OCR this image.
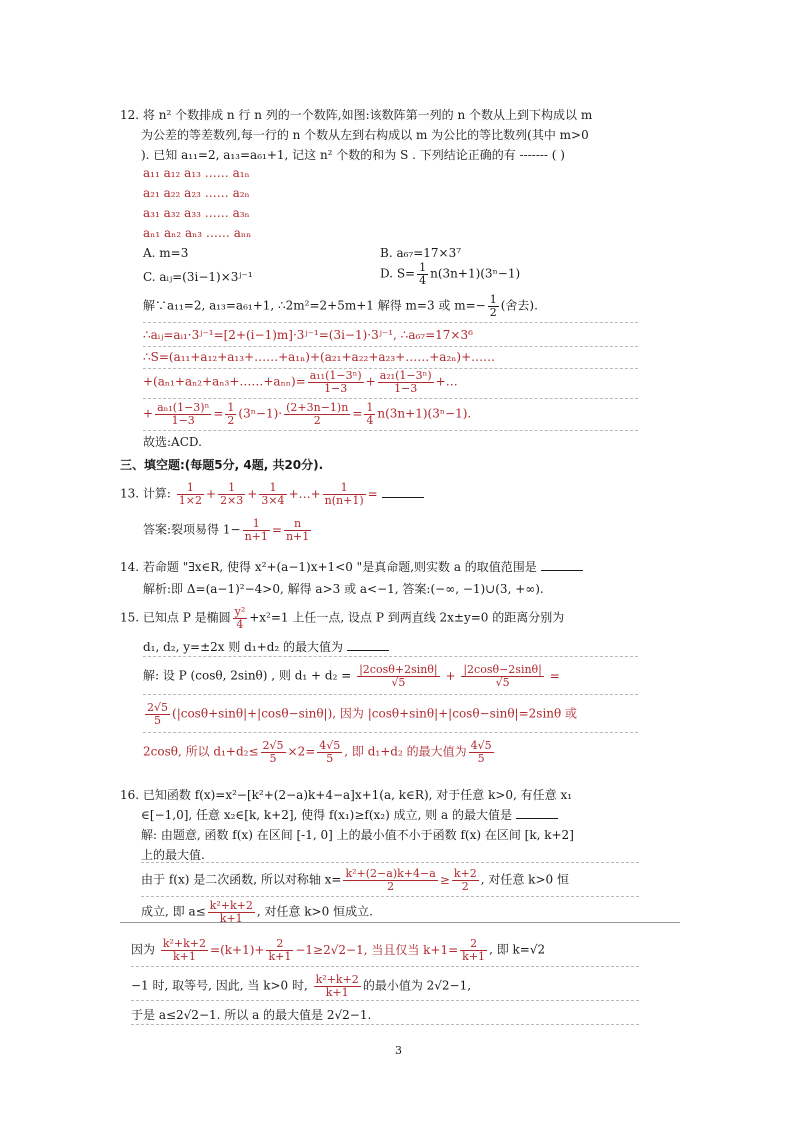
12. 将 n² 个数排成 n 行 n 列的一个数阵,如图:该数阵第一列的 n 个数从上到下构成以 m
为公差的等差数列,每一行的 n 个数从左到右构成以 m 为公比的等比数列(其中 m>0
). 已知 a₁₁=2, a₁₃=a₆₁+1, 记这 n² 个数的和为 S . 下列结论正确的有 ------- ( )
a₁₁ a₁₂ a₁₃ …… a₁ₙ
a₂₁ a₂₂ a₂₃ …… a₂ₙ
a₃₁ a₃₂ a₃₃ …… a₃ₙ
aₙ₁ aₙ₂ aₙ₃ …… aₙₙ
A. m=3	B. a₆₇=17×3⁷
C. aᵢⱼ=(3i−1)×3ʲ⁻¹	D. $S= \frac{1}{4} n(3n+1)(3^n-1)$
解∵a₁₁=2, a₁₃=a₆₁+1, ∴2m²=2+5m+1 解得 m=3 或 $m=- \frac{1}{2}$ (舍去).
∴aᵢⱼ=aᵢ₁·3ʲ⁻¹=[2+(i−1)m]·3ʲ⁻¹=(3i−1)·3ʲ⁻¹, ∴a₆₇=17×3⁶
∴S=(a₁₁+a₁₂+a₁₃+……+a₁ₙ)+(a₂₁+a₂₂+a₂₃+……+a₂ₙ)+……
+(aₙ₁+aₙ₂+aₙ₃+……+aₙₙ)= $\frac{\text{a₁₁(1−3ⁿ)}}{1-3} + \frac{\text{a₂₁(1−3ⁿ)}}{1-3}$ +…
+ $\frac{\text{aₙ₁(1−3)ⁿ}}{1-3} = \frac{1}{2} (3^n-1)\cdot \frac{(2+3n-1)n}{2} = \frac{1}{4} n(3n+1)(3^n-1)$.
故选:ACD.
三、填空题:(每题5分, 4题, 共20分).
13. 计算: $\frac{1}{1\times 2} + \frac{1}{2\times 3} + \frac{1}{3\times 4}$ +…+ $\frac{1}{n(n+1)}$ =
答案:裂项易得 $1- \frac{1}{n+1} = \frac{n}{n+1}$
14. 若命题 "∃x∈R, 使得 x²+(a−1)x+1<0 "是真命题,则实数 a 的取值范围是
解析:即 Δ=(a−1)²−4>0, 解得 a>3 或 a<−1, 答案:(−∞, −1)∪(3, +∞).
15. 已知点 P 是椭圆 $\frac{\text{y²}}{4} +x^2=1$ 上任一点, 设点 P 到两直线 2x±y=0 的距离分别为
d₁, d₂, y=±2x 则 d₁+d₂ 的最大值为
解: 设 P (cosθ, 2sinθ) , 则 $d_1 + d_2 = \frac{|2\cos\theta+2\sin\theta|}{√5} + \frac{|2\cos\theta-2\sin\theta|}{√5}$ =
$\frac{2√5}{5} (|\cos\theta+\sin\theta|+|\cos\theta-\sin\theta|)$, 因为 |cosθ+sinθ|+|cosθ−sinθ|=2sinθ 或
2cosθ, 所以 $d_1+d_2\le \frac{2√5}{5} \times 2= \frac{4√5}{5}$ , 即 d₁+d₂ 的最大值为 $\frac{4√5}{5}$
16. 已知函数 f(x)=x²−[k²+(2−a)k+4−a]x+1(a, k∈R), 对于任意 k>0, 有任意 x₁
∈[−1,0], 任意 x₂∈[k, k+2], 使得 f(x₁)≥f(x₂) 成立, 则 a 的最大值是
解: 由题意, 函数 f(x) 在区间 [-1, 0] 上的最小值不小于函数 f(x) 在区间 [k, k+2]
上的最大值.
由于 f(x) 是二次函数, 所以对称轴 $x= \frac{\text{k²+(2−a)k+4−a}}{2} \ge \frac{k+2}{2}$ , 对任意 k>0 恒
成立, 即 $a\le \frac{\text{k²+k+2}}{k+1}$ , 对任意 k>0 恒成立.
因为 $\frac{\text{k²+k+2}}{k+1} =(k+1)+ \frac{2}{k+1} -1\ge 2√2-1$, 当且仅当 $k+1= \frac{2}{k+1}$ , 即 k=√2
−1 时, 取等号, 因此, 当 k>0 时, $\frac{\text{k²+k+2}}{k+1}$ 的最小值为 2√2−1,
于是 a≤2√2−1. 所以 a 的最大值是 2√2−1.
3
